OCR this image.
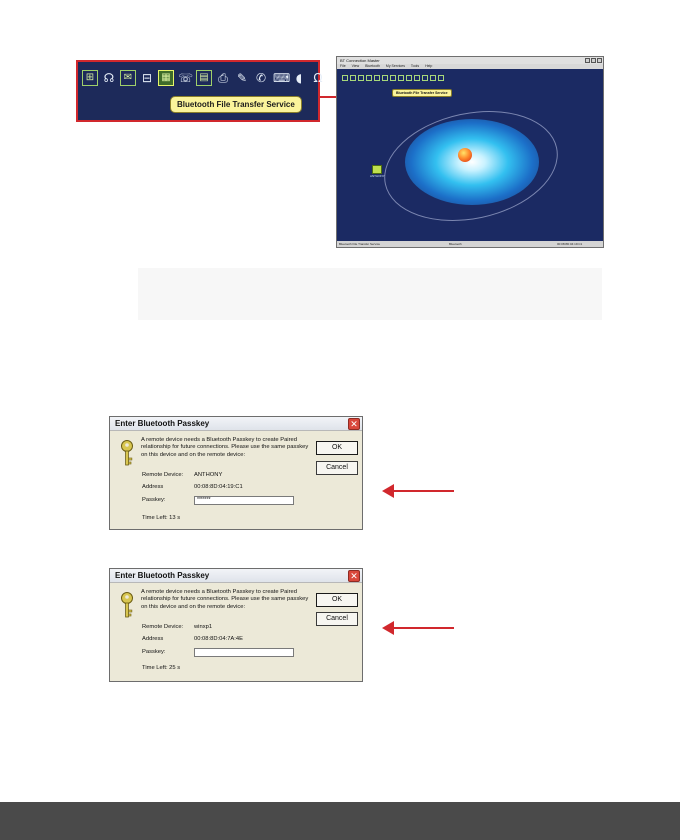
⊞ ☊ ✉ ⊟ ▦ ☏ ▤ ⎙ ✎ ✆ ⌨ ◖ Ω
Bluetooth File Transfer Service
BT Connection Master
File View Bluetooth My Services Tools Help
Bluetooth File Transfer Service
ANTHONY
Bluetooth File Transfer Service	Bluetooth	00:08:8D:04:19:C1
Enter Bluetooth Passkey	✕
A remote device needs a Bluetooth Passkey to create Paired relationship for future connections. Please use the same passkey on this device and on the remote device:
OK
Cancel
Remote Device: ANTHONY
Address	00:08:8D:04:19:C1
Passkey:	*******
Time Left: 13 s
Enter Bluetooth Passkey	✕
A remote device needs a Bluetooth Passkey to create Paired relationship for future connections. Please use the same passkey on this device and on the remote device:
OK
Cancel
Remote Device: winxp1
Address	00:08:8D:04:7A:4E
Passkey:
Time Left: 25 s
